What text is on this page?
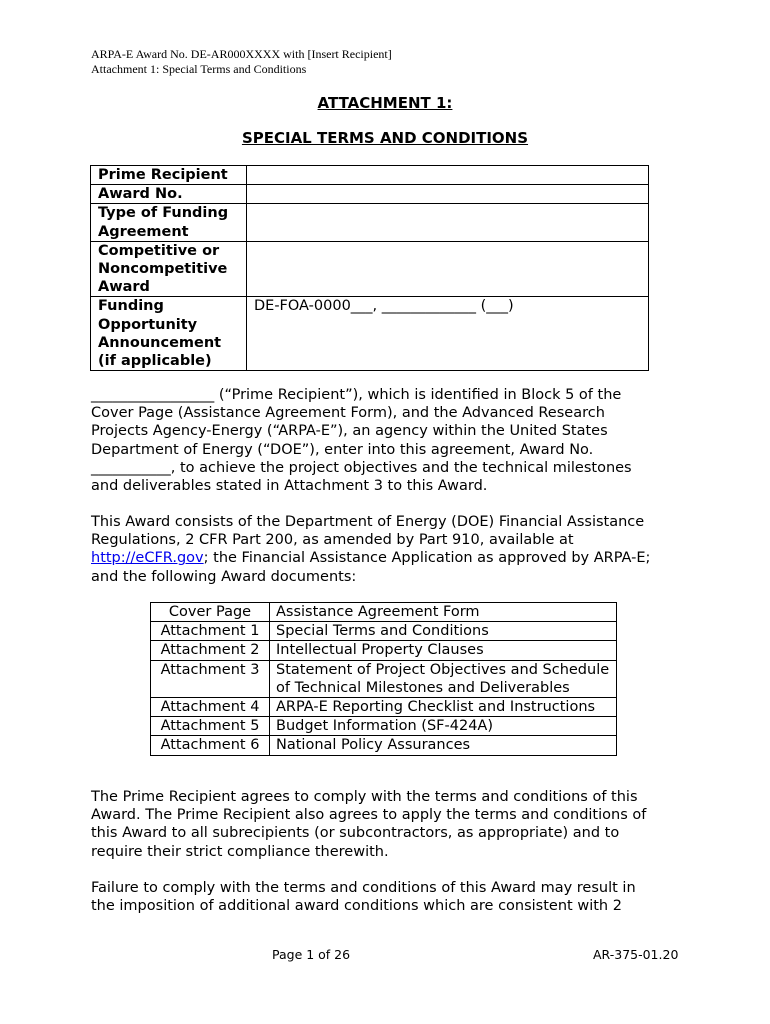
ARPA-E Award No. DE-AR000XXXX with [Insert Recipient]
Attachment 1: Special Terms and Conditions
ATTACHMENT 1:
SPECIAL TERMS AND CONDITIONS
Prime Recipient	
Award No.	
Type of Funding Agreement	
Competitive or Noncompetitive Award	
Funding Opportunity Announcement (if applicable)	DE-FOA-0000___, _____________ (___)
_________________ (“Prime Recipient”), which is identified in Block 5 of the
Cover Page (Assistance Agreement Form), and the Advanced Research
Projects Agency-Energy (“ARPA-E”), an agency within the United States
Department of Energy (“DOE”), enter into this agreement, Award No.
___________, to achieve the project objectives and the technical milestones
and deliverables stated in Attachment 3 to this Award.
This Award consists of the Department of Energy (DOE) Financial Assistance
Regulations, 2 CFR Part 200, as amended by Part 910, available at
http://eCFR.gov; the Financial Assistance Application as approved by ARPA-E;
and the following Award documents:
Cover Page	Assistance Agreement Form
Attachment 1	Special Terms and Conditions
Attachment 2	Intellectual Property Clauses
Attachment 3	Statement of Project Objectives and Schedule of Technical Milestones and Deliverables
Attachment 4	ARPA-E Reporting Checklist and Instructions
Attachment 5	Budget Information (SF-424A)
Attachment 6	National Policy Assurances
The Prime Recipient agrees to comply with the terms and conditions of this
Award. The Prime Recipient also agrees to apply the terms and conditions of
this Award to all subrecipients (or subcontractors, as appropriate) and to
require their strict compliance therewith.
Failure to comply with the terms and conditions of this Award may result in
the imposition of additional award conditions which are consistent with 2
Page 1 of 26	AR-375-01.20
